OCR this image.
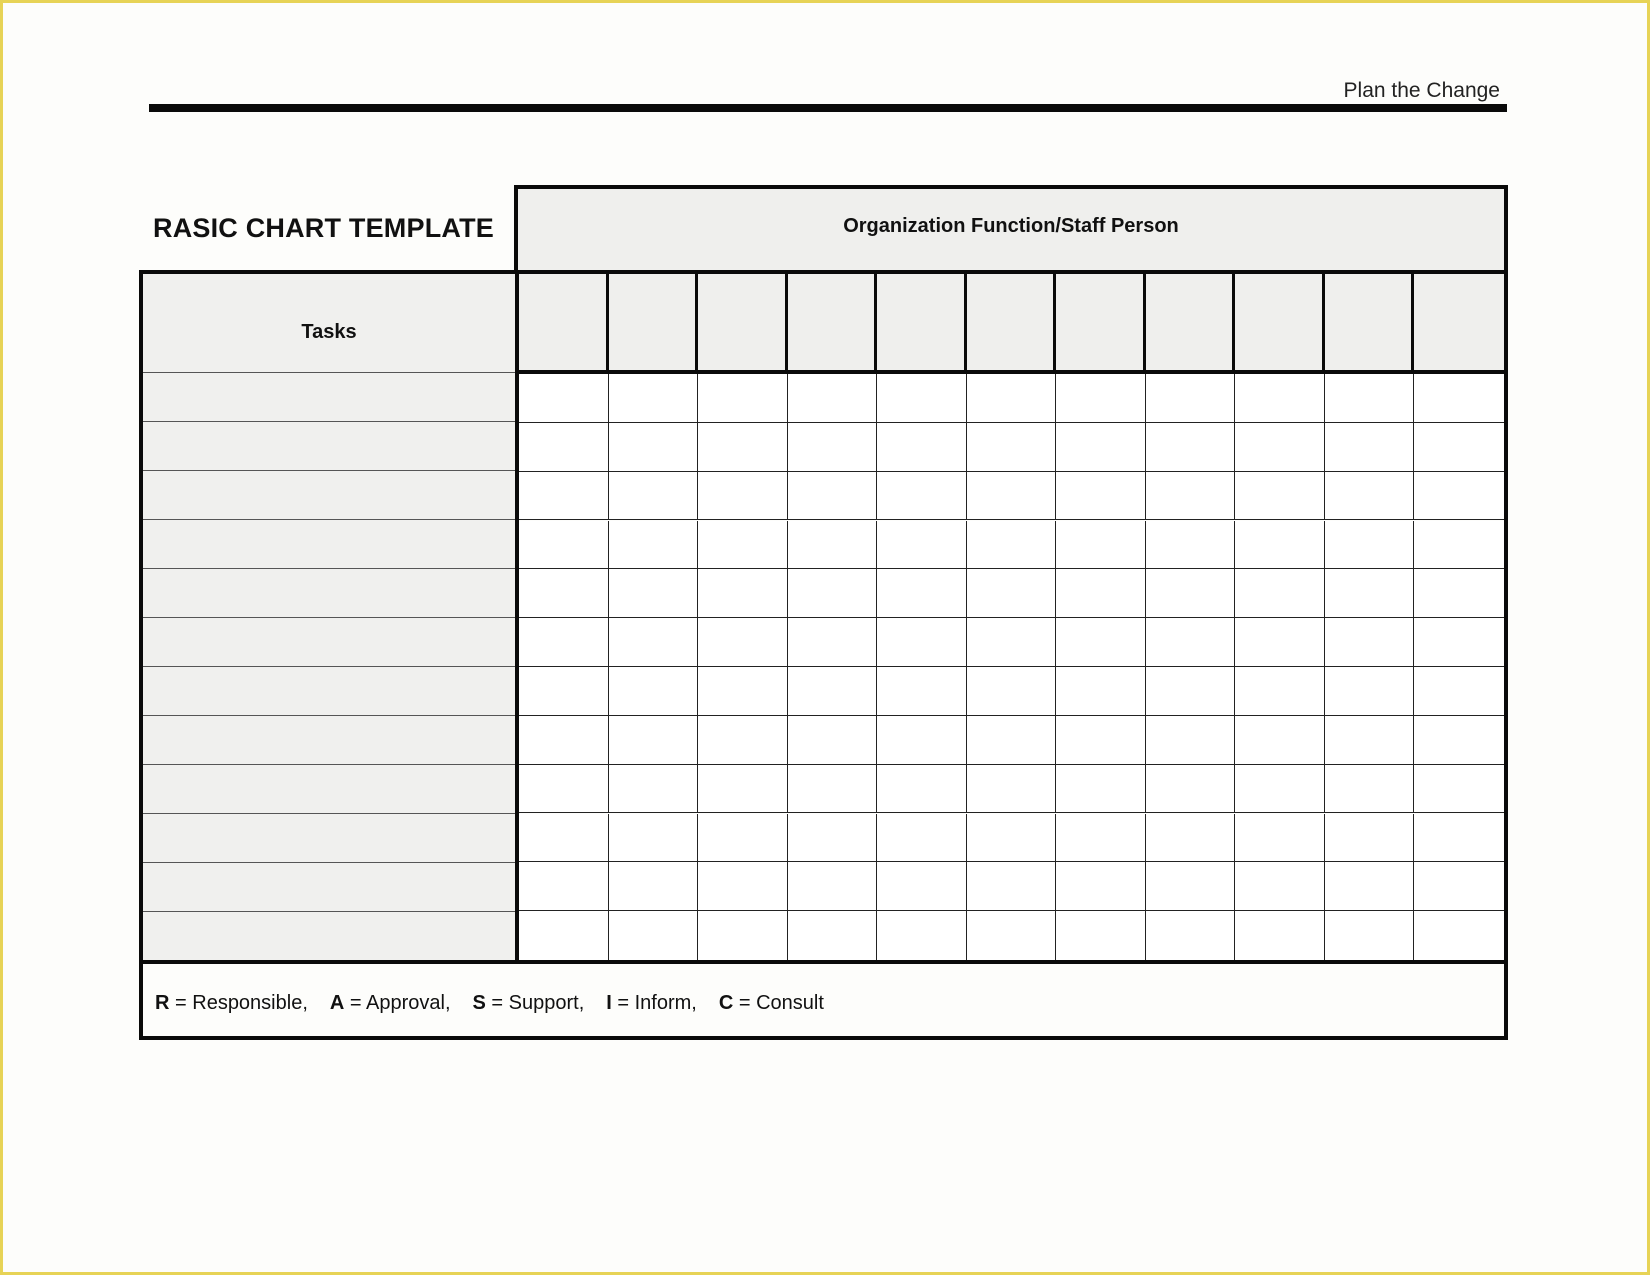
Plan the Change
RASIC CHART TEMPLATE	Organization Function/Staff Person
Tasks
R = Responsible, A = Approval, S = Support, I = Inform, C = Consult
